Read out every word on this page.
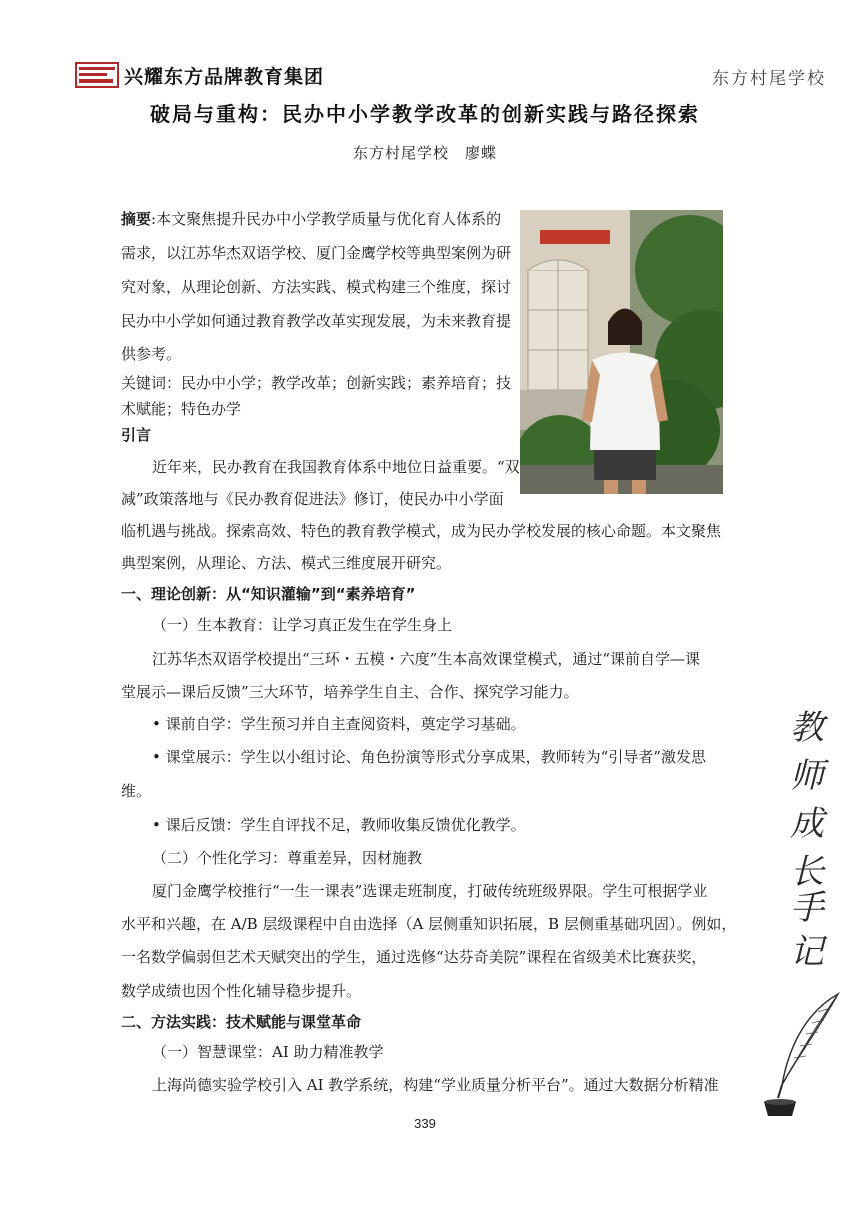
兴耀东方品牌教育集团	东方村尾学校
破局与重构：民办中小学教学改革的创新实践与路径探索
东方村尾学校　廖蝶
摘要:本文聚焦提升民办中小学教学质量与优化育人体系的
需求，以江苏华杰双语学校、厦门金鹰学校等典型案例为研
究对象，从理论创新、方法实践、模式构建三个维度，探讨
民办中小学如何通过教育教学改革实现发展，为未来教育提
供参考。
关键词：民办中小学；教学改革；创新实践；素养培育；技
术赋能；特色办学
引言
近年来，民办教育在我国教育体系中地位日益重要。“双
减”政策落地与《民办教育促进法》修订，使民办中小学面
临机遇与挑战。探索高效、特色的教育教学模式，成为民办学校发展的核心命题。本文聚焦
典型案例，从理论、方法、模式三维度展开研究。
一、理论创新：从“知识灌输”到“素养培育”
（一）生本教育：让学习真正发生在学生身上
江苏华杰双语学校提出“三环・五模・六度”生本高效课堂模式，通过“课前自学—课
堂展示—课后反馈”三大环节，培养学生自主、合作、探究学习能力。
• 课前自学：学生预习并自主查阅资料，奠定学习基础。
• 课堂展示：学生以小组讨论、角色扮演等形式分享成果，教师转为“引导者”激发思
维。
• 课后反馈：学生自评找不足，教师收集反馈优化教学。
（二）个性化学习：尊重差异，因材施教
厦门金鹰学校推行“一生一课表”选课走班制度，打破传统班级界限。学生可根据学业
水平和兴趣，在 A/B 层级课程中自由选择（A 层侧重知识拓展，B 层侧重基础巩固）。例如，
一名数学偏弱但艺术天赋突出的学生，通过选修“达芬奇美院”课程在省级美术比赛获奖，
数学成绩也因个性化辅导稳步提升。
二、方法实践：技术赋能与课堂革命
（一）智慧课堂：AI 助力精准教学
上海尚德实验学校引入 AI 教学系统，构建“学业质量分析平台”。通过大数据分析精准
教
师
成
长
手
记
339
